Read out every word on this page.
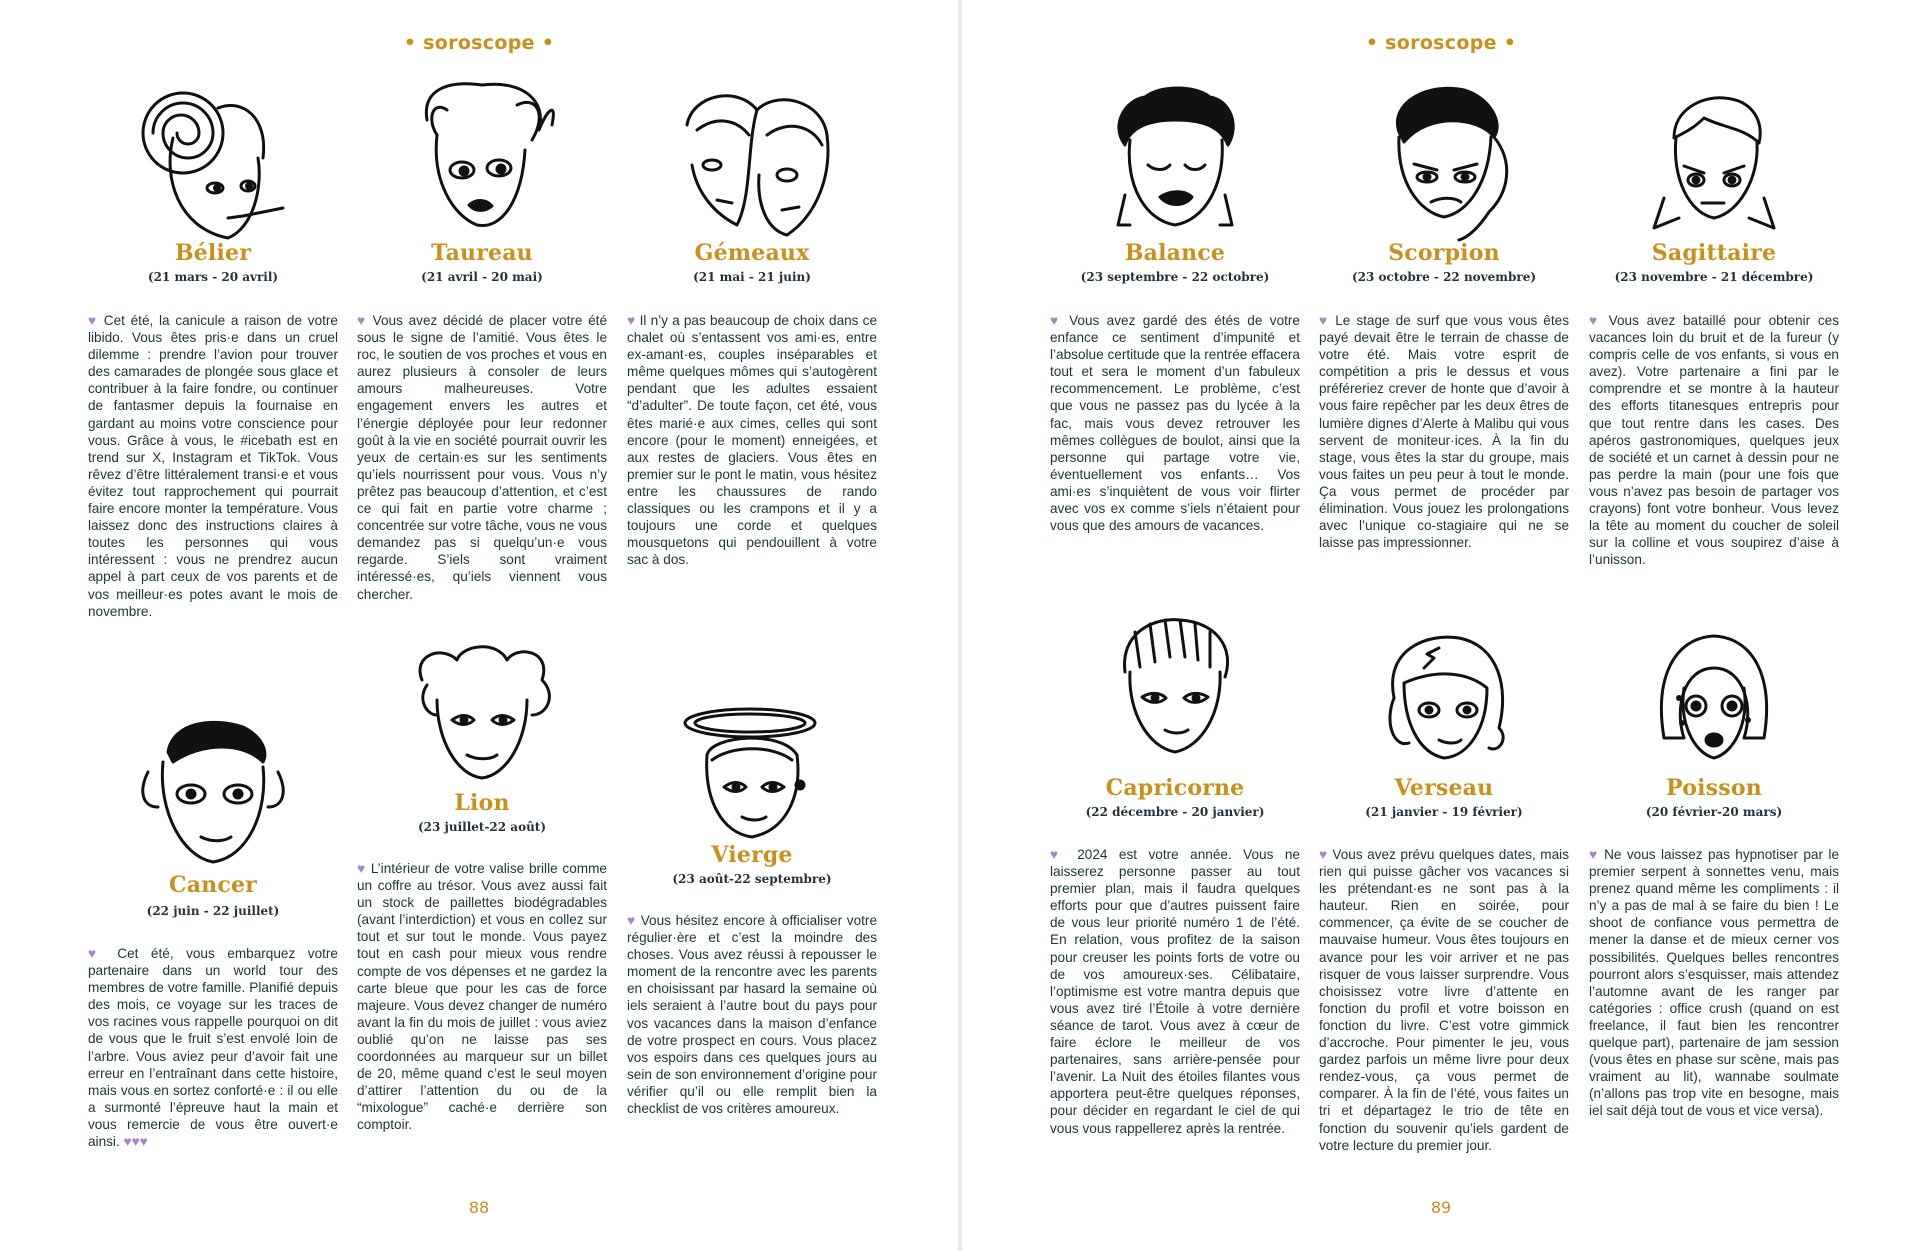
• soroscope •
Bélier
(21 mars - 20 avril)
♥ Cet été, la canicule a raison de votre libido. Vous êtes pris·e dans un cruel dilemme : prendre l’avion pour trouver des camarades de plongée sous glace et contribuer à la faire fondre, ou continuer de fantasmer depuis la fournaise en gardant au moins votre conscience pour vous. Grâce à vous, le #icebath est en trend sur X, Instagram et TikTok. Vous rêvez d’être littéralement transi·e et vous évitez tout rapprochement qui pourrait faire encore monter la température. Vous laissez donc des instructions claires à toutes les personnes qui vous intéressent : vous ne prendrez aucun appel à part ceux de vos parents et de vos meilleur·es potes avant le mois de novembre.
Taureau
(21 avril - 20 mai)
♥ Vous avez décidé de placer votre été sous le signe de l’amitié. Vous êtes le roc, le soutien de vos proches et vous en aurez plusieurs à consoler de leurs amours malheureuses. Votre engagement envers les autres et l’énergie déployée pour leur redonner goût à la vie en société pourrait ouvrir les yeux de certain·es sur les sentiments qu’iels nourrissent pour vous. Vous n’y prêtez pas beaucoup d’attention, et c’est ce qui fait en partie votre charme ; concentrée sur votre tâche, vous ne vous demandez pas si quelqu’un·e vous regarde. S’iels sont vraiment intéressé·es, qu’iels viennent vous chercher.
Gémeaux
(21 mai - 21 juin)
♥ Il n’y a pas beaucoup de choix dans ce chalet où s’entassent vos ami·es, entre ex-amant·es, couples inséparables et même quelques mômes qui s’autogèrent pendant que les adultes essaient “d’adulter”. De toute façon, cet été, vous êtes marié·e aux cimes, celles qui sont encore (pour le moment) enneigées, et aux restes de glaciers. Vous êtes en premier sur le pont le matin, vous hésitez entre les chaussures de rando classiques ou les crampons et il y a toujours une corde et quelques mousquetons qui pendouillent à votre sac à dos.
Cancer
(22 juin - 22 juillet)
♥ Cet été, vous embarquez votre partenaire dans un world tour des membres de votre famille. Planifié depuis des mois, ce voyage sur les traces de vos racines vous rappelle pourquoi on dit de vous que le fruit s’est envolé loin de l’arbre. Vous aviez peur d’avoir fait une erreur en l’entraînant dans cette histoire, mais vous en sortez conforté·e : il ou elle a surmonté l’épreuve haut la main et vous remercie de vous être ouvert·e ainsi. ♥♥♥
Lion
(23 juillet-22 août)
♥ L’intérieur de votre valise brille comme un coffre au trésor. Vous avez aussi fait un stock de paillettes biodégradables (avant l’interdiction) et vous en collez sur tout et sur tout le monde. Vous payez tout en cash pour mieux vous rendre compte de vos dépenses et ne gardez la carte bleue que pour les cas de force majeure. Vous devez changer de numéro avant la fin du mois de juillet : vous aviez oublié qu’on ne laisse pas ses coordonnées au marqueur sur un billet de 20, même quand c’est le seul moyen d’attirer l’attention du ou de la “mixologue” caché·e derrière son comptoir.
Vierge
(23 août-22 septembre)
♥ Vous hésitez encore à officialiser votre régulier·ère et c’est la moindre des choses. Vous avez réussi à repousser le moment de la rencontre avec les parents en choisissant par hasard la semaine où iels seraient à l’autre bout du pays pour vos vacances dans la maison d’enfance de votre prospect en cours. Vous placez vos espoirs dans ces quelques jours au sein de son environnement d’origine pour vérifier qu’il ou elle remplit bien la checklist de vos critères amoureux.
88
• soroscope •
Balance
(23 septembre - 22 octobre)
♥ Vous avez gardé des étés de votre enfance ce sentiment d’impunité et l’absolue certitude que la rentrée effacera tout et sera le moment d’un fabuleux recommencement. Le problème, c’est que vous ne passez pas du lycée à la fac, mais vous devez retrouver les mêmes collègues de boulot, ainsi que la personne qui partage votre vie, éventuellement vos enfants… Vos ami·es s’inquiètent de vous voir flirter avec vos ex comme s’iels n’étaient pour vous que des amours de vacances.
Scorpion
(23 octobre - 22 novembre)
♥ Le stage de surf que vous vous êtes payé devait être le terrain de chasse de votre été. Mais votre esprit de compétition a pris le dessus et vous préféreriez crever de honte que d’avoir à vous faire repêcher par les deux êtres de lumière dignes d’Alerte à Malibu qui vous servent de moniteur·ices. À la fin du stage, vous êtes la star du groupe, mais vous faites un peu peur à tout le monde. Ça vous permet de procéder par élimination. Vous jouez les prolongations avec l’unique co-stagiaire qui ne se laisse pas impressionner.
Sagittaire
(23 novembre - 21 décembre)
♥ Vous avez bataillé pour obtenir ces vacances loin du bruit et de la fureur (y compris celle de vos enfants, si vous en avez). Votre partenaire a fini par le comprendre et se montre à la hauteur des efforts titanesques entrepris pour que tout rentre dans les cases. Des apéros gastronomiques, quelques jeux de société et un carnet à dessin pour ne pas perdre la main (pour une fois que vous n’avez pas besoin de partager vos crayons) font votre bonheur. Vous levez la tête au moment du coucher de soleil sur la colline et vous soupirez d’aise à l’unisson.
Capricorne
(22 décembre - 20 janvier)
♥ 2024 est votre année. Vous ne laisserez personne passer au tout premier plan, mais il faudra quelques efforts pour que d’autres puissent faire de vous leur priorité numéro 1 de l’été. En relation, vous profitez de la saison pour creuser les points forts de votre ou de vos amoureux·ses. Célibataire, l’optimisme est votre mantra depuis que vous avez tiré l’Étoile à votre dernière séance de tarot. Vous avez à cœur de faire éclore le meilleur de vos partenaires, sans arrière-pensée pour l’avenir. La Nuit des étoiles filantes vous apportera peut-être quelques réponses, pour décider en regardant le ciel de qui vous vous rappellerez après la rentrée.
Verseau
(21 janvier - 19 février)
♥ Vous avez prévu quelques dates, mais rien qui puisse gâcher vos vacances si les prétendant·es ne sont pas à la hauteur. Rien en soirée, pour commencer, ça évite de se coucher de mauvaise humeur. Vous êtes toujours en avance pour les voir arriver et ne pas risquer de vous laisser surprendre. Vous choisissez votre livre d’attente en fonction du profil et votre boisson en fonction du livre. C’est votre gimmick d’accroche. Pour pimenter le jeu, vous gardez parfois un même livre pour deux rendez-vous, ça vous permet de comparer. À la fin de l’été, vous faites un tri et départagez le trio de tête en fonction du souvenir qu’iels gardent de votre lecture du premier jour.
Poisson
(20 févrìer-20 mars)
♥ Ne vous laissez pas hypnotiser par le premier serpent à sonnettes venu, mais prenez quand même les compliments : il n’y a pas de mal à se faire du bien ! Le shoot de confiance vous permettra de mener la danse et de mieux cerner vos possibilités. Quelques belles rencontres pourront alors s’esquisser, mais attendez l’automne avant de les ranger par catégories : office crush (quand on est freelance, il faut bien les rencontrer quelque part), partenaire de jam session (vous êtes en phase sur scène, mais pas vraiment au lit), wannabe soulmate (n’allons pas trop vite en besogne, mais iel sait déjà tout de vous et vice versa).
89
